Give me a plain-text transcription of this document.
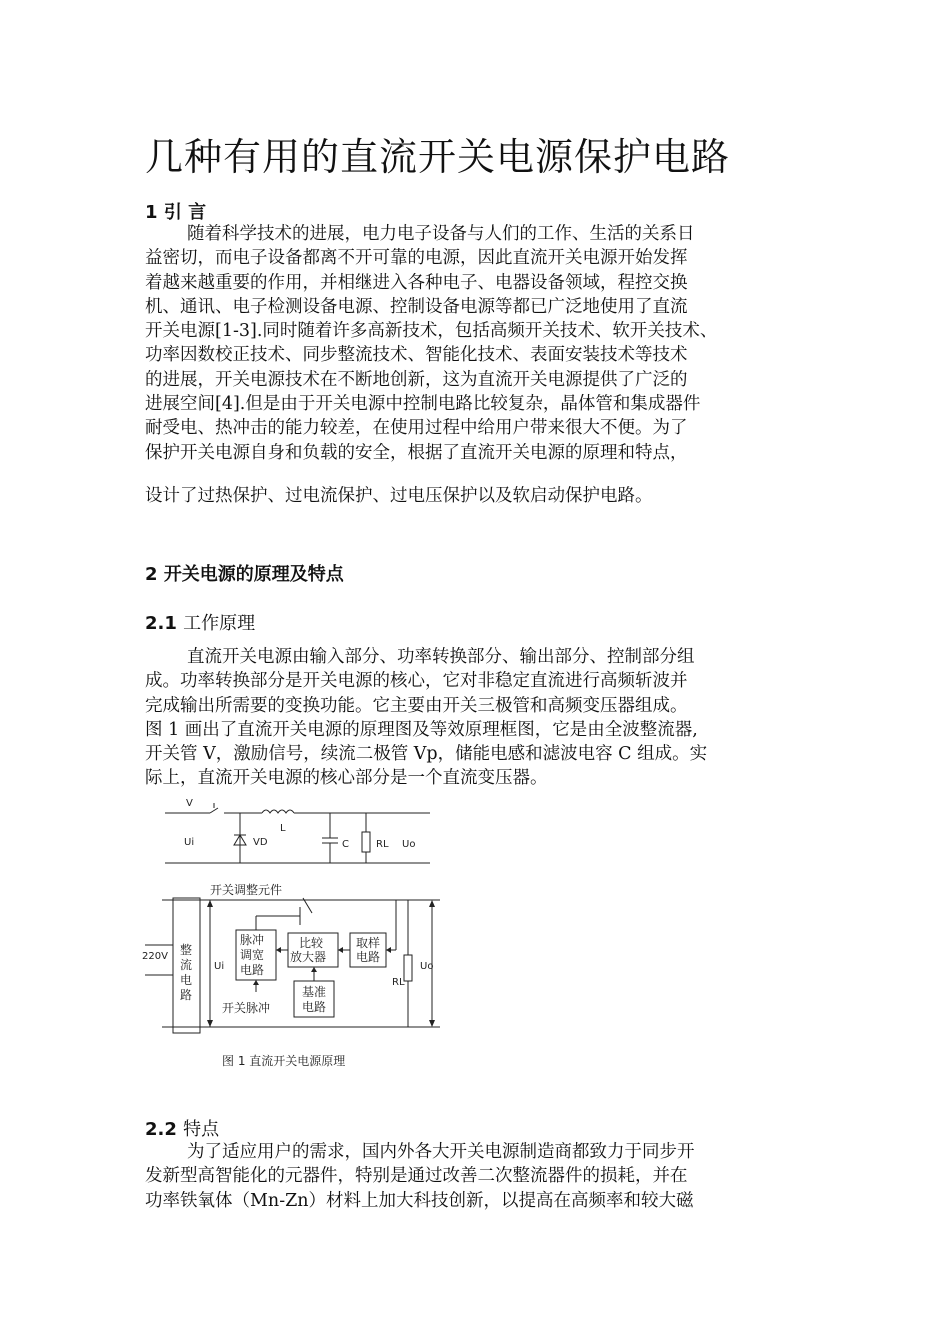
几种有用的直流开关电源保护电路
1 引 言
随着科学技术的进展，电力电子设备与人们的工作、生活的关系日
益密切，而电子设备都离不开可靠的电源，因此直流开关电源开始发挥
着越来越重要的作用，并相继进入各种电子、电器设备领域，程控交换
机、通讯、电子检测设备电源、控制设备电源等都已广泛地使用了直流
开关电源[1-3].同时随着许多高新技术，包括高频开关技术、软开关技术、
功率因数校正技术、同步整流技术、智能化技术、表面安装技术等技术
的进展，开关电源技术在不断地创新，这为直流开关电源提供了广泛的
进展空间[4].但是由于开关电源中控制电路比较复杂，晶体管和集成器件
耐受电、热冲击的能力较差，在使用过程中给用户带来很大不便。为了
保护开关电源自身和负载的安全，根据了直流开关电源的原理和特点，
设计了过热保护、过电流保护、过电压保护以及软启动保护电路。
2 开关电源的原理及特点
2.1 工作原理
直流开关电源由输入部分、功率转换部分、输出部分、控制部分组
成。功率转换部分是开关电源的核心，它对非稳定直流进行高频斩波并
完成输出所需要的变换功能。它主要由开关三极管和高频变压器组成。
图 1 画出了直流开关电源的原理图及等效原理框图，它是由全波整流器,
开关管 V，激励信号，续流二极管 Vp，储能电感和滤波电容 C 组成。实
际上，直流开关电源的核心部分是一个直流变压器。
V
Ui	VD
L
C	RL Uo
开关调整元件
220V 整
流
电
路
Ui
脉冲
调宽
电路
比较
放大器
取样
电路
基准
电路
开关脉冲
RL
Uo
图 1 直流开关电源原理
2.2 特点
为了适应用户的需求，国内外各大开关电源制造商都致力于同步开
发新型高智能化的元器件，特别是通过改善二次整流器件的损耗，并在
功率铁氧体（Mn-Zn）材料上加大科技创新，以提高在高频率和较大磁
